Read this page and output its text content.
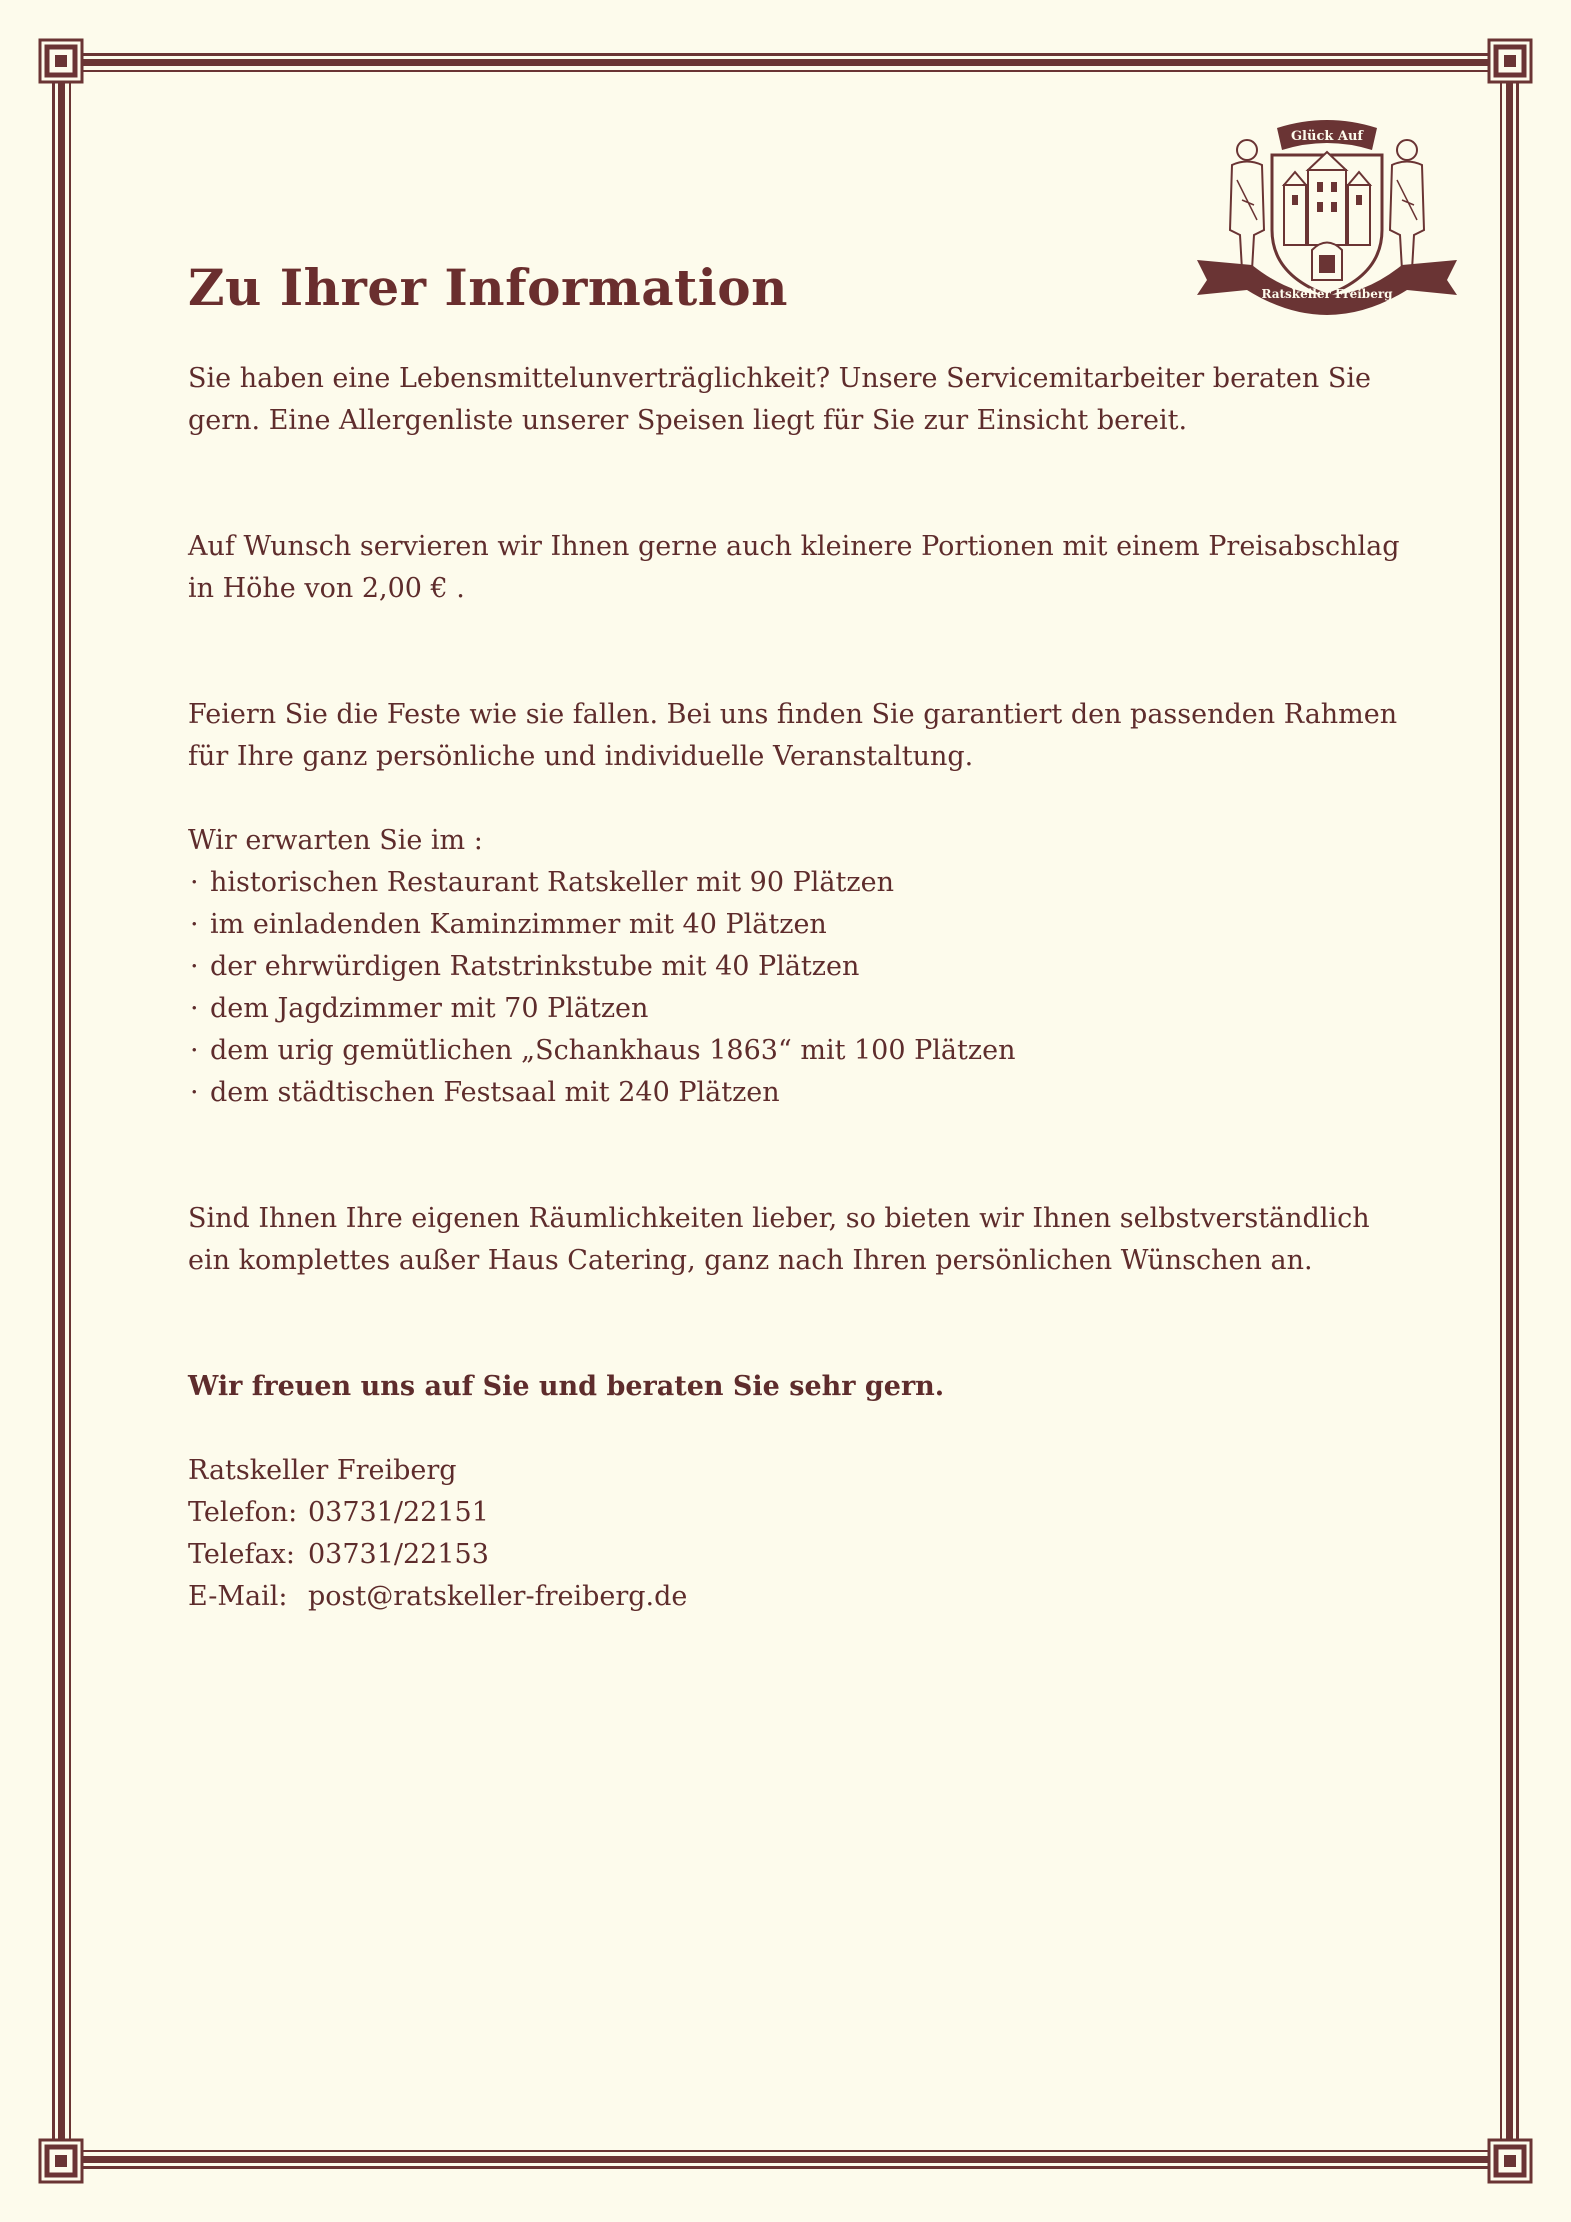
Glück Auf
Ratskeller Freiberg
Zu Ihrer Information

Sie haben eine Lebensmittelunverträglichkeit? Unsere Servicemitarbeiter beraten Sie
gern. Eine Allergenliste unserer Speisen liegt für Sie zur Einsicht bereit.

Auf Wunsch servieren wir Ihnen gerne auch kleinere Portionen mit einem Preisabschlag
in Höhe von 2,00 € .

Feiern Sie die Feste wie sie fallen. Bei uns finden Sie garantiert den passenden Rahmen
für Ihre ganz persönliche und individuelle Veranstaltung.

Wir erwarten Sie im :

· historischen Restaurant Ratskeller mit 90 Plätzen
· im einladenden Kaminzimmer mit 40 Plätzen
· der ehrwürdigen Ratstrinkstube mit 40 Plätzen
· dem Jagdzimmer mit 70 Plätzen
· dem urig gemütlichen „Schankhaus 1863“ mit 100 Plätzen
· dem städtischen Festsaal mit 240 Plätzen

Sind Ihnen Ihre eigenen Räumlichkeiten lieber, so bieten wir Ihnen selbstverständlich
ein komplettes außer Haus Catering, ganz nach Ihren persönlichen Wünschen an.

Wir freuen uns auf Sie und beraten Sie sehr gern.

Ratskeller Freiberg
Telefon: 03731/22151
Telefax: 03731/22153
E-Mail: post@ratskeller-freiberg.de
